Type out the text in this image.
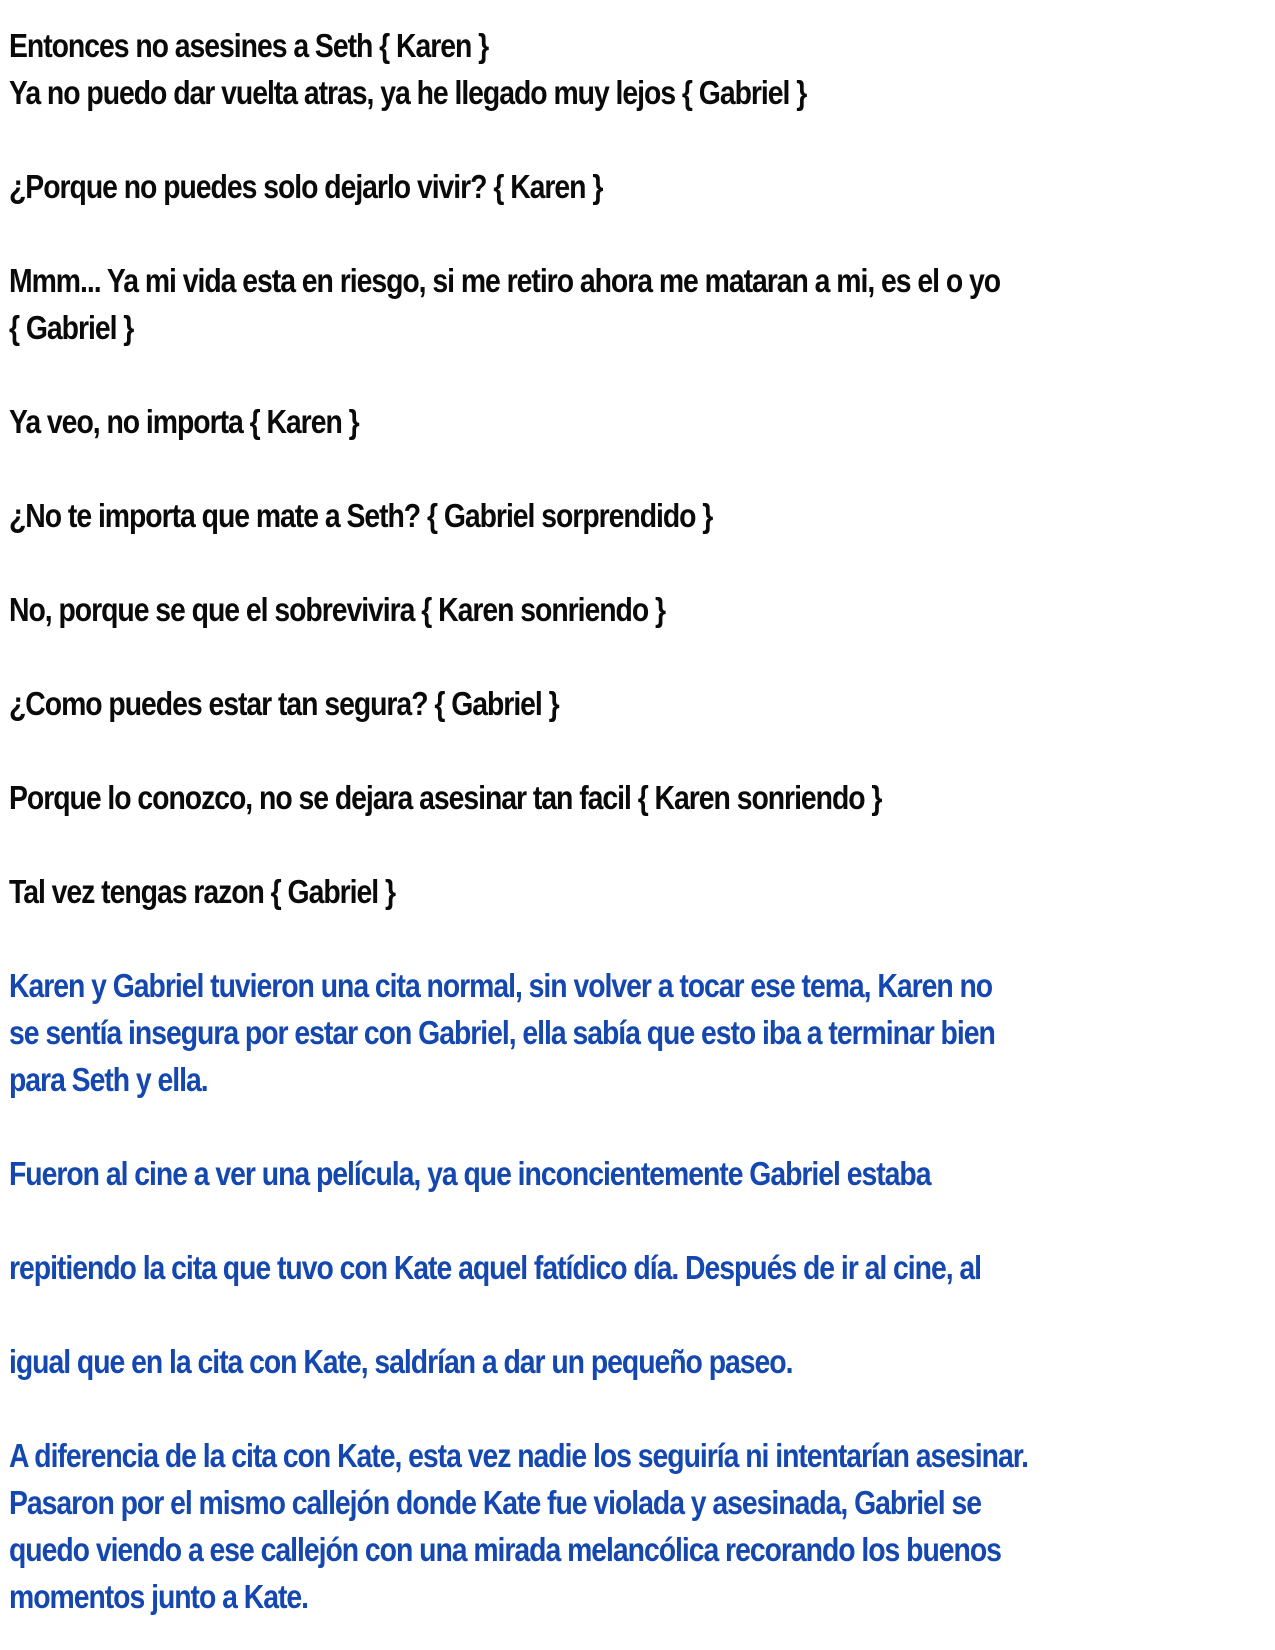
Entonces no asesines a Seth { Karen }
Ya no puedo dar vuelta atras, ya he llegado muy lejos { Gabriel }
¿Porque no puedes solo dejarlo vivir? { Karen }
Mmm... Ya mi vida esta en riesgo, si me retiro ahora me mataran a mi, es el o yo
{ Gabriel }
Ya veo, no importa { Karen }
¿No te importa que mate a Seth? { Gabriel sorprendido }
No, porque se que el sobrevivira { Karen sonriendo }
¿Como puedes estar tan segura? { Gabriel }
Porque lo conozco, no se dejara asesinar tan facil { Karen sonriendo }
Tal vez tengas razon { Gabriel }
Karen y Gabriel tuvieron una cita normal, sin volver a tocar ese tema, Karen no
se sentía insegura por estar con Gabriel, ella sabía que esto iba a terminar bien
para Seth y ella.
Fueron al cine a ver una película, ya que inconcientemente Gabriel estaba
repitiendo la cita que tuvo con Kate aquel fatídico día. Después de ir al cine, al
igual que en la cita con Kate, saldrían a dar un pequeño paseo.
A diferencia de la cita con Kate, esta vez nadie los seguiría ni intentarían asesinar.
Pasaron por el mismo callejón donde Kate fue violada y asesinada, Gabriel se
quedo viendo a ese callejón con una mirada melancólica recorando los buenos
momentos junto a Kate.
